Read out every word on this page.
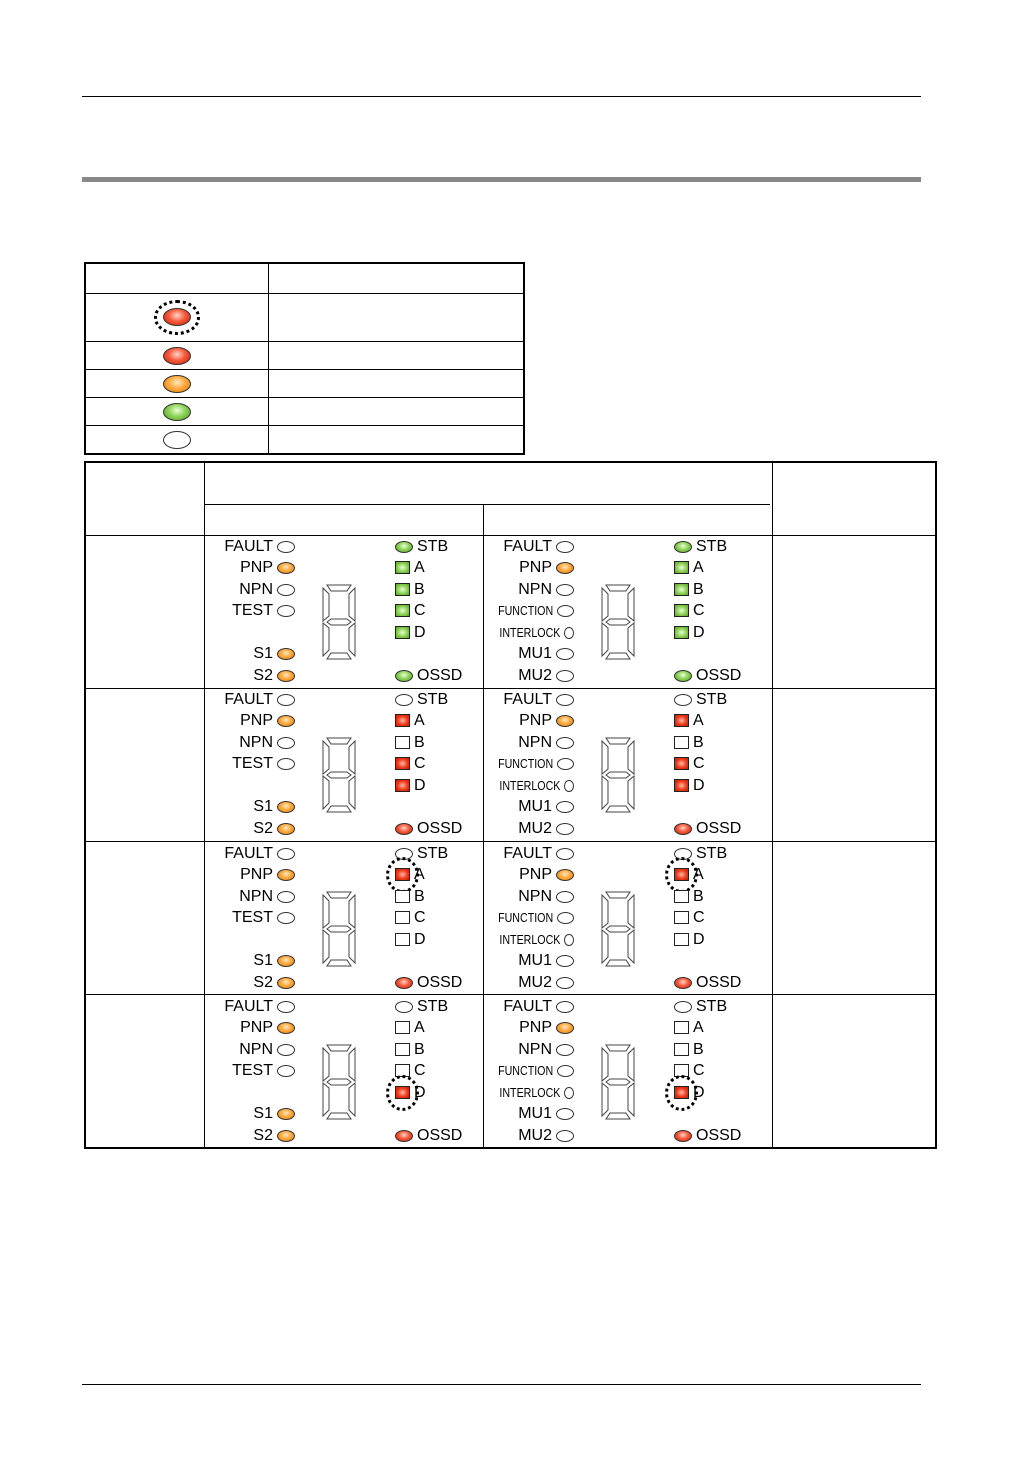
FAULT
PNP
NPN
TEST
S1
S2
STB
A
B
C
D
OSSD
FAULT
PNP
NPN
FUNCTION
INTERLOCK
MU1
MU2
STB
A
B
C
D
OSSD
FAULT
PNP
NPN
TEST
S1
S2
STB
A
B
C
D
OSSD
FAULT
PNP
NPN
FUNCTION
INTERLOCK
MU1
MU2
STB
A
B
C
D
OSSD
FAULT
PNP
NPN
TEST
S1
S2
STB
A
B
C
D
OSSD
FAULT
PNP
NPN
FUNCTION
INTERLOCK
MU1
MU2
STB
A
B
C
D
OSSD
FAULT
PNP
NPN
TEST
S1
S2
STB
A
B
C
D
OSSD
FAULT
PNP
NPN
FUNCTION
INTERLOCK
MU1
MU2
STB
A
B
C
D
OSSD
